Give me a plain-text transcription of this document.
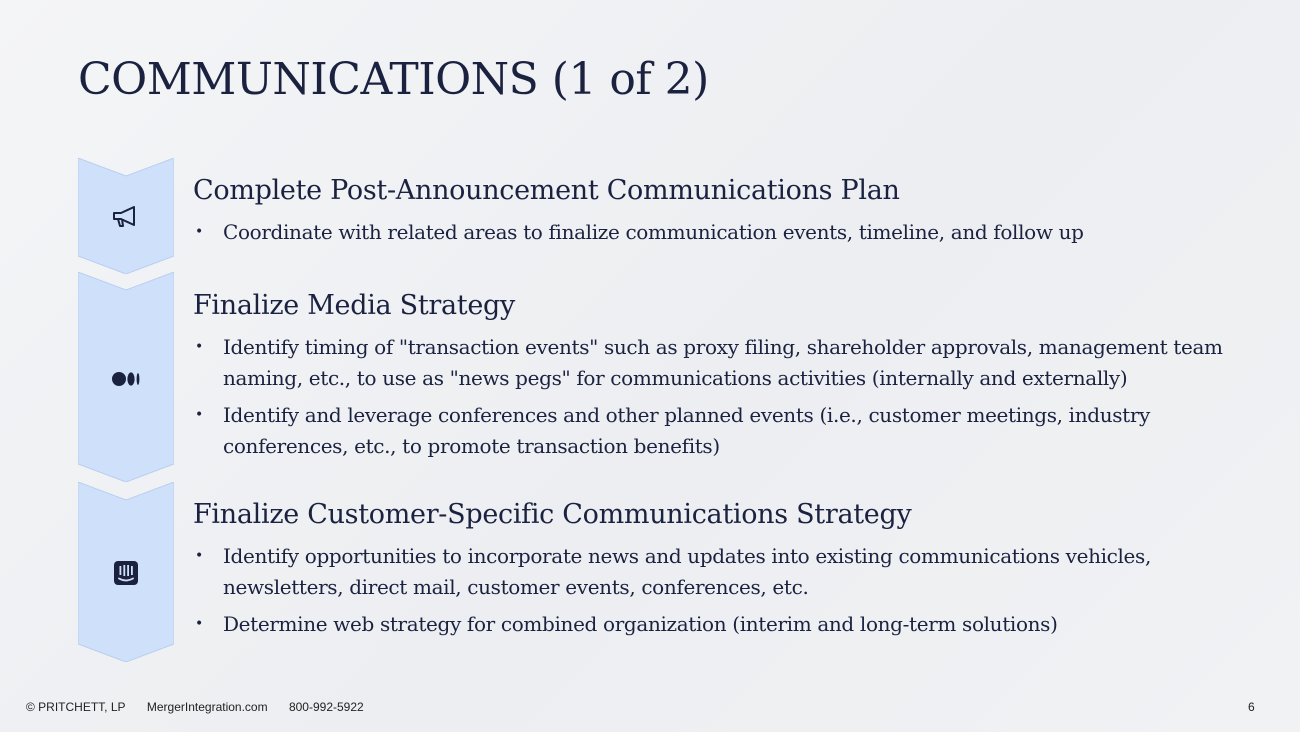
COMMUNICATIONS (1 of 2)
Complete Post-Announcement Communications Plan
• Coordinate with related areas to finalize communication events, timeline, and follow up
Finalize Media Strategy
• Identify timing of "transaction events" such as proxy filing, shareholder approvals, management team naming, etc., to use as "news pegs" for communications activities (internally and externally)
• Identify and leverage conferences and other planned events (i.e., customer meetings, industry conferences, etc., to promote transaction benefits)
Finalize Customer-Specific Communications Strategy
• Identify opportunities to incorporate news and updates into existing communications vehicles, newsletters, direct mail, customer events, conferences, etc.
• Determine web strategy for combined organization (interim and long-term solutions)
© PRITCHETT, LP MergerIntegration.com 800-992-5922	6
